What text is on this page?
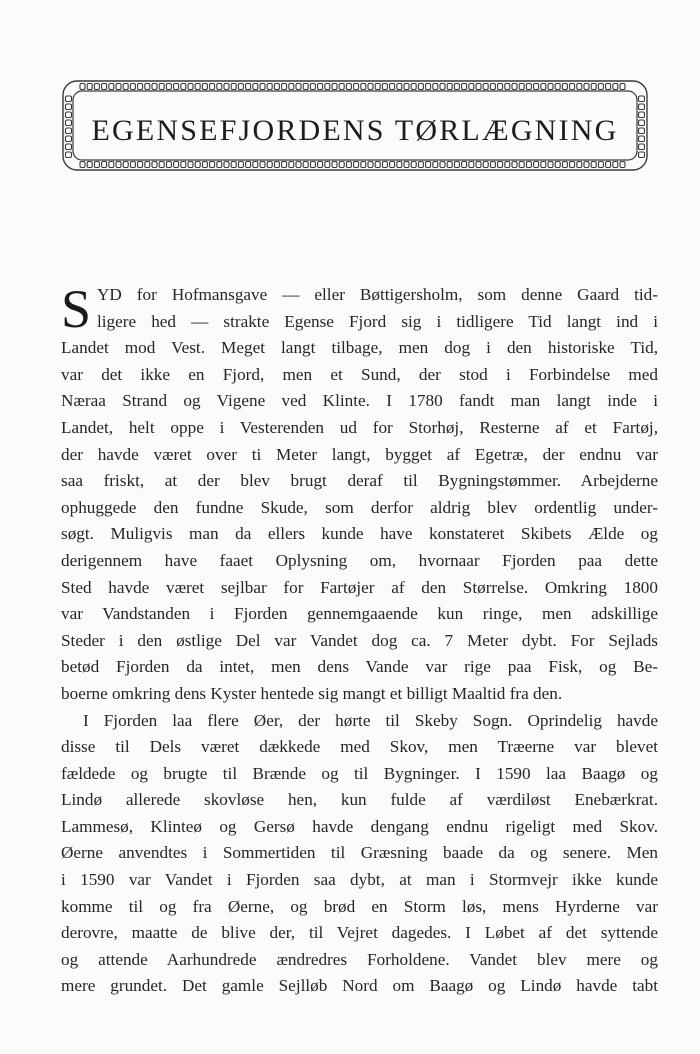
EGENSEFJORDENS TØRLÆGNING
S YD for Hofmansgave — eller Bøttigersholm, som denne Gaard tid-
ligere hed — strakte Egense Fjord sig i tidligere Tid langt ind i
Landet mod Vest. Meget langt tilbage, men dog i den historiske Tid,
var det ikke en Fjord, men et Sund, der stod i Forbindelse med
Næraa Strand og Vigene ved Klinte. I 1780 fandt man langt inde i
Landet, helt oppe i Vesterenden ud for Storhøj, Resterne af et Fartøj,
der havde været over ti Meter langt, bygget af Egetræ, der endnu var
saa friskt, at der blev brugt deraf til Bygningstømmer. Arbejderne
ophuggede den fundne Skude, som derfor aldrig blev ordentlig under-
søgt. Muligvis man da ellers kunde have konstateret Skibets Ælde og
derigennem have faaet Oplysning om, hvornaar Fjorden paa dette
Sted havde været sejlbar for Fartøjer af den Størrelse. Omkring 1800
var Vandstanden i Fjorden gennemgaaende kun ringe, men adskillige
Steder i den østlige Del var Vandet dog ca. 7 Meter dybt. For Sejlads
betød Fjorden da intet, men dens Vande var rige paa Fisk, og Be-
boerne omkring dens Kyster hentede sig mangt et billigt Maaltid fra den.
I Fjorden laa flere Øer, der hørte til Skeby Sogn. Oprindelig havde
disse til Dels været dækkede med Skov, men Træerne var blevet
fældede og brugte til Brænde og til Bygninger. I 1590 laa Baagø og
Lindø allerede skovløse hen, kun fulde af værdiløst Enebærkrat.
Lammesø, Klinteø og Gersø havde dengang endnu rigeligt med Skov.
Øerne anvendtes i Sommertiden til Græsning baade da og senere. Men
i 1590 var Vandet i Fjorden saa dybt, at man i Stormvejr ikke kunde
komme til og fra Øerne, og brød en Storm løs, mens Hyrderne var
derovre, maatte de blive der, til Vejret dagedes. I Løbet af det syttende
og attende Aarhundrede ændredres Forholdene. Vandet blev mere og
mere grundet. Det gamle Sejlløb Nord om Baagø og Lindø havde tabt
